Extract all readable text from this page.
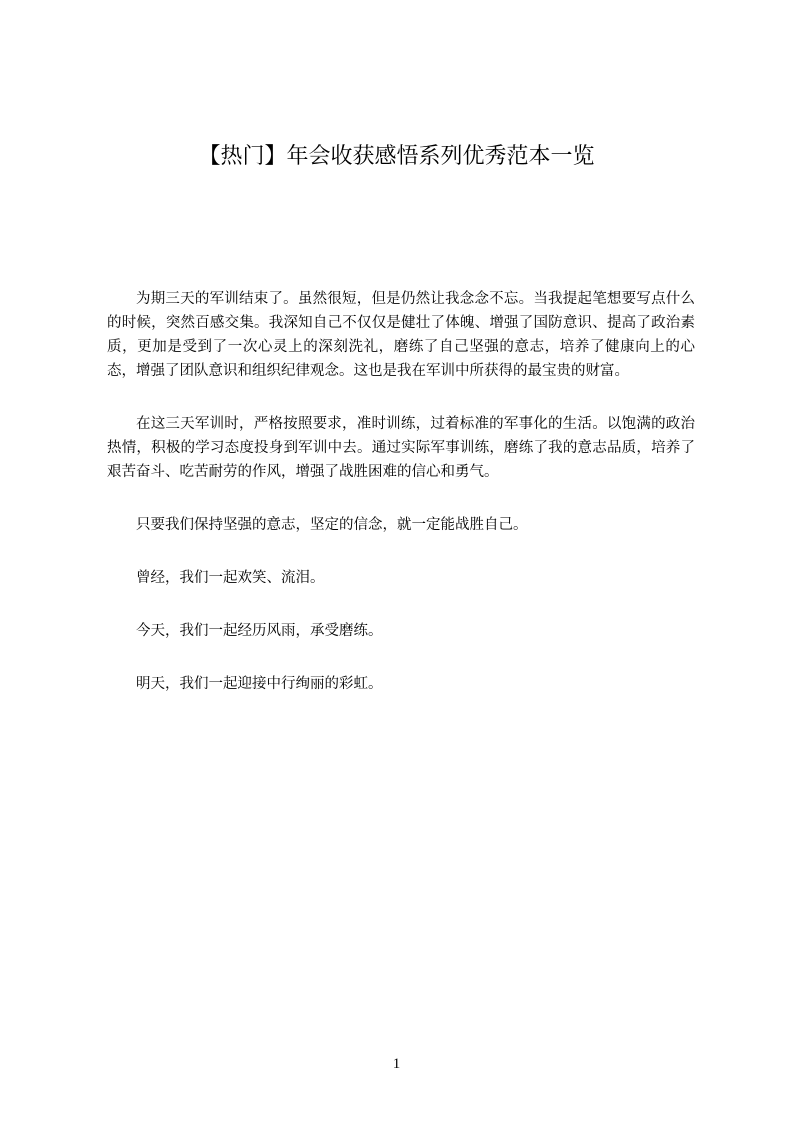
【热门】年会收获感悟系列优秀范本一览

为期三天的军训结束了。虽然很短，但是仍然让我念念不忘。当我提起笔想要写点什么的时候，突然百感交集。我深知自己不仅仅是健壮了体魄、增强了国防意识、提高了政治素质，更加是受到了一次心灵上的深刻洗礼，磨练了自己坚强的意志，培养了健康向上的心态，增强了团队意识和组织纪律观念。这也是我在军训中所获得的最宝贵的财富。

在这三天军训时，严格按照要求，准时训练，过着标准的军事化的生活。以饱满的政治热情，积极的学习态度投身到军训中去。通过实际军事训练，磨练了我的意志品质，培养了艰苦奋斗、吃苦耐劳的作风，增强了战胜困难的信心和勇气。

只要我们保持坚强的意志，坚定的信念，就一定能战胜自己。

曾经，我们一起欢笑、流泪。

今天，我们一起经历风雨，承受磨练。

明天，我们一起迎接中行绚丽的彩虹。

1
